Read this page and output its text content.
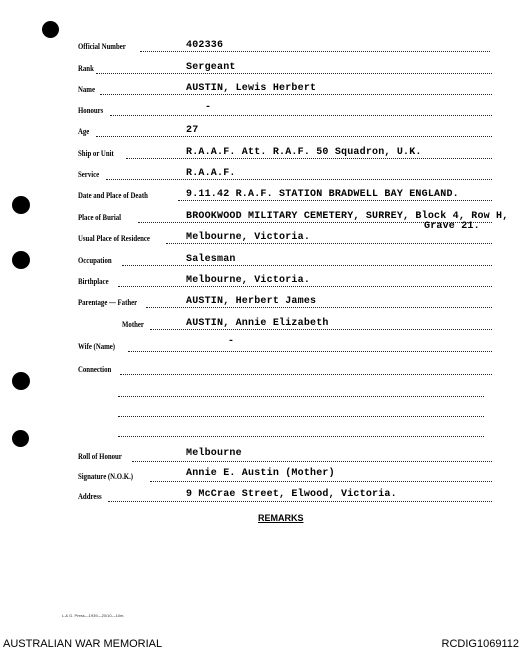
Official Number	402336
Rank	Sergeant
Name	AUSTIN, Lewis Herbert
Honours	-
Age	27
Ship or Unit	R.A.A.F. Att. R.A.F. 50 Squadron, U.K.
Service	R.A.A.F.
Date and Place of Death	9.11.42 R.A.F. STATION BRADWELL BAY ENGLAND.
Place of Burial	BROOKWOOD MILITARY CEMETERY, SURREY, Block 4, Row H,
Grave 21.
Usual Place of Residence	Melbourne, Victoria.
Occupation	Salesman
Birthplace	Melbourne, Victoria.
Parentage — Father	AUSTIN, Herbert James
Mother	AUSTIN, Annie Elizabeth
Wife (Name)	-
Connection
Roll of Honour	Melbourne
Signature (N.O.K.)	Annie E. Austin (Mother)
Address	9 McCrae Street, Elwood, Victoria.
REMARKS
L.& G. Press—1939—20/10—10m.
AUSTRALIAN WAR MEMORIAL	RCDIG1069112
